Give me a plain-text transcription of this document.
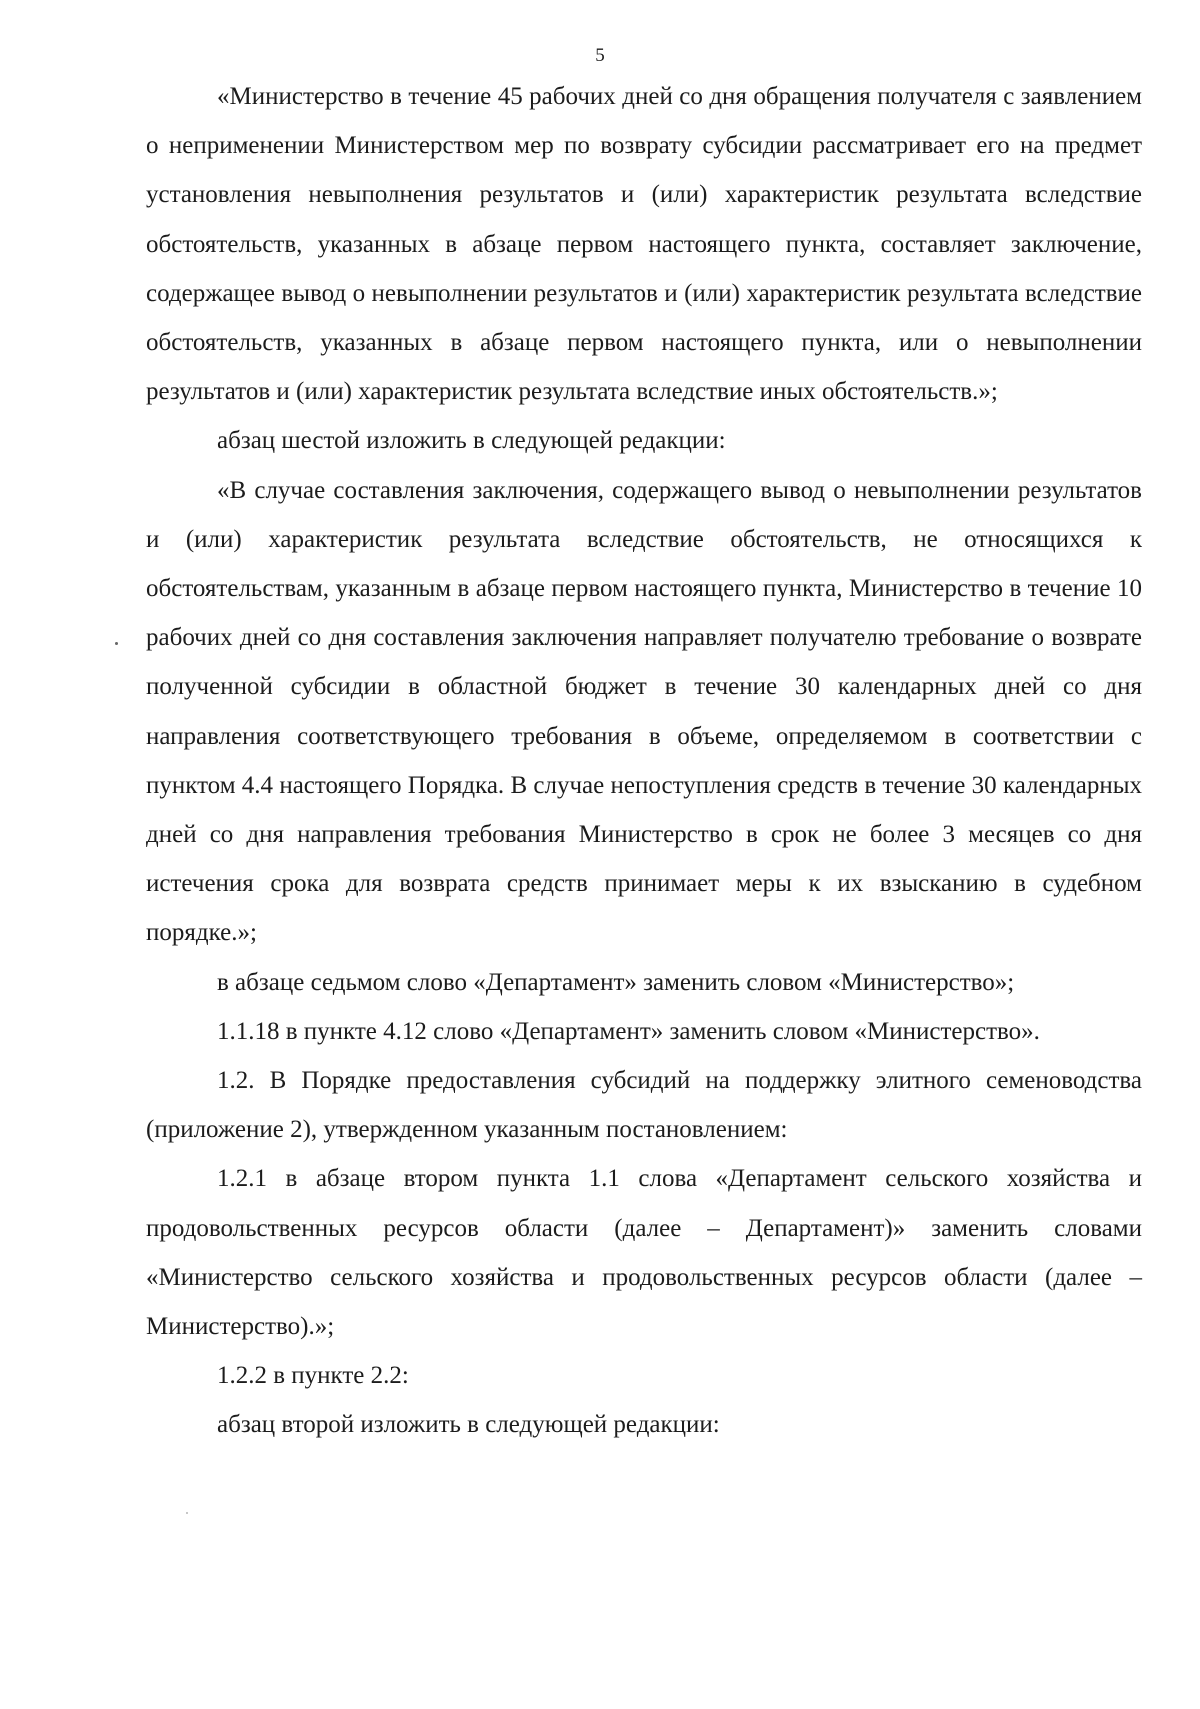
5

«Министерство в течение 45 рабочих дней со дня обращения получателя с заявлением о неприменении Министерством мер по возврату субсидии рассматривает его на предмет установления невыполнения результатов и (или) характеристик результата вследствие обстоятельств, указанных в абзаце первом настоящего пункта, составляет заключение, содержащее вывод о невыполнении результатов и (или) характеристик результата вследствие обстоятельств, указанных в абзаце первом настоящего пункта, или о невыполнении результатов и (или) характеристик результата вследствие иных обстоятельств.»;

абзац шестой изложить в следующей редакции:

«В случае составления заключения, содержащего вывод о невыполнении результатов и (или) характеристик результата вследствие обстоятельств, не относящихся к обстоятельствам, указанным в абзаце первом настоящего пункта, Министерство в течение 10 рабочих дней со дня составления заключения направляет получателю требование о возврате полученной субсидии в областной бюджет в течение 30 календарных дней со дня направления соответствующего требования в объеме, определяемом в соответствии с пунктом 4.4 настоящего Порядка. В случае непоступления средств в течение 30 календарных дней со дня направления требования Министерство в срок не более 3 месяцев со дня истечения срока для возврата средств принимает меры к их взысканию в судебном порядке.»;

в абзаце седьмом слово «Департамент» заменить словом «Министерство»;

1.1.18 в пункте 4.12 слово «Департамент» заменить словом «Министерство».

1.2. В Порядке предоставления субсидий на поддержку элитного семеноводства (приложение 2), утвержденном указанным постановлением:

1.2.1 в абзаце втором пункта 1.1 слова «Департамент сельского хозяйства и продовольственных ресурсов области (далее – Департамент)» заменить словами «Министерство сельского хозяйства и продовольственных ресурсов области (далее – Министерство).»;

1.2.2 в пункте 2.2:

абзац второй изложить в следующей редакции:
